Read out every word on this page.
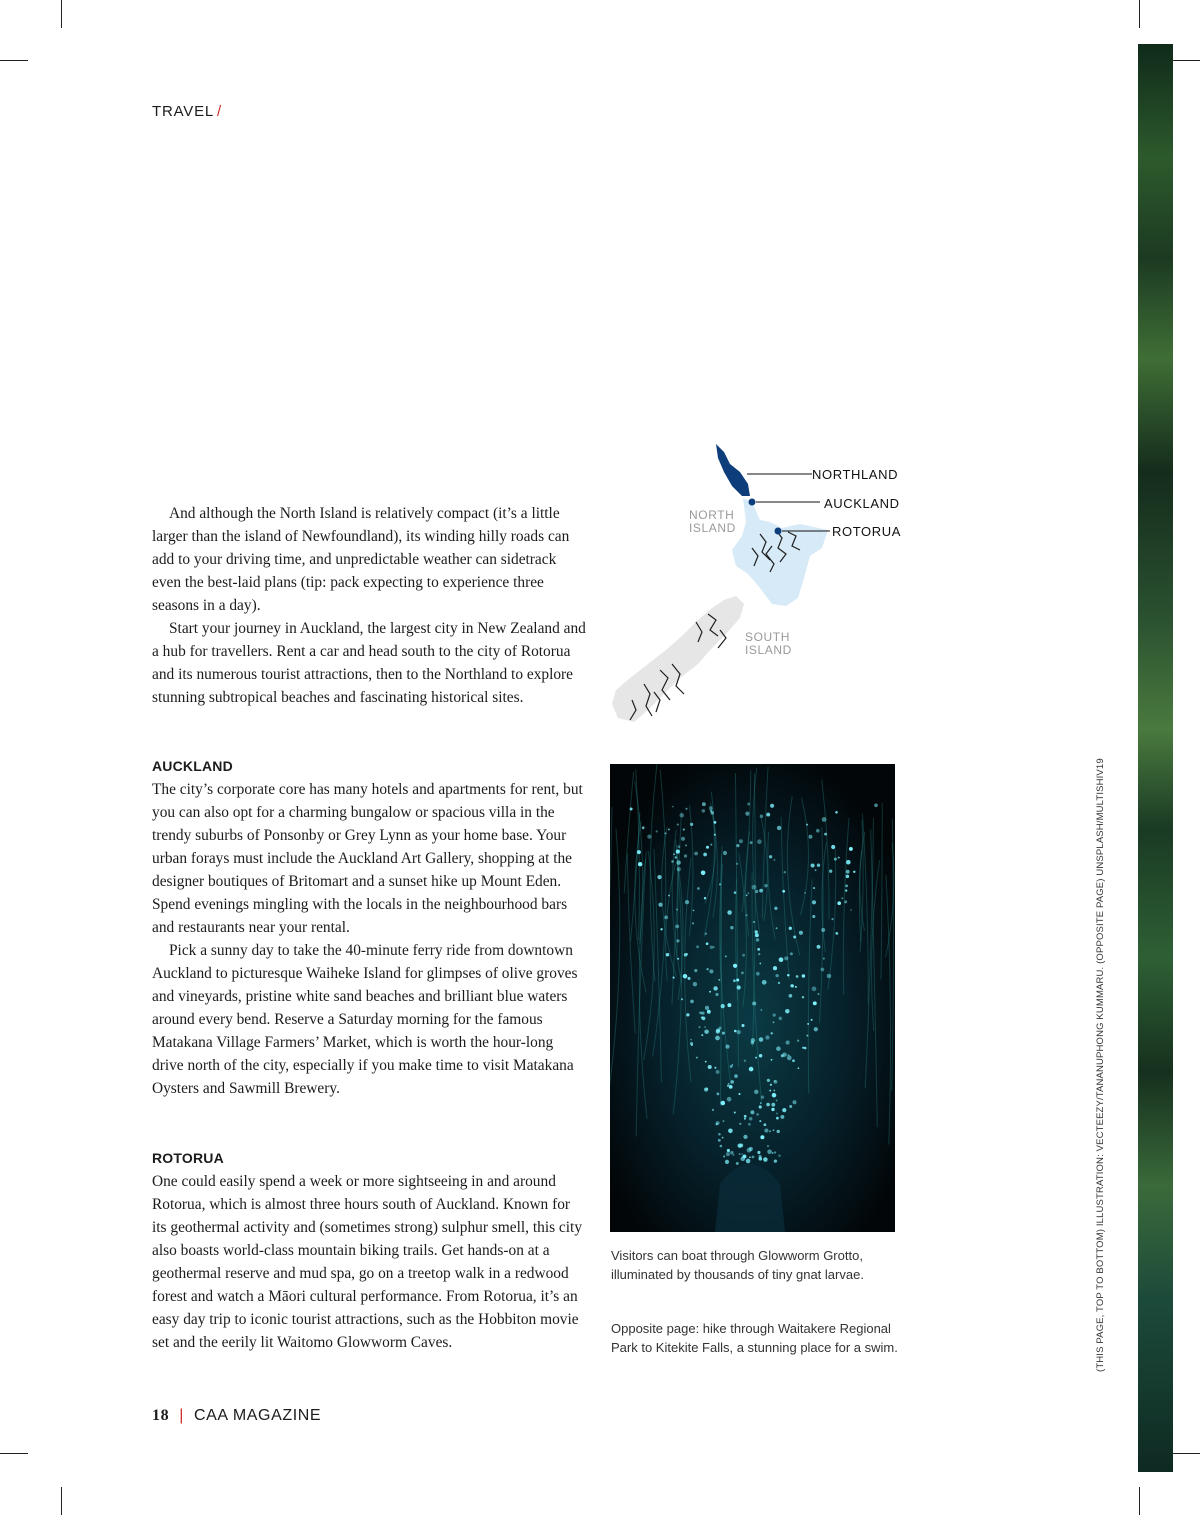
TRAVEL /

And although the North Island is relatively compact (it’s a little larger than the island of Newfoundland), its winding hilly roads can add to your driving time, and unpredictable weather can sidetrack even the best-laid plans (tip: pack expecting to experience three seasons in a day).

Start your journey in Auckland, the largest city in New Zealand and a hub for travellers. Rent a car and head south to the city of Rotorua and its numerous tourist attractions, then to the Northland to explore stunning subtropical beaches and fascinating historical sites.

AUCKLAND

The city’s corporate core has many hotels and apartments for rent, but you can also opt for a charming bungalow or spacious villa in the trendy suburbs of Ponsonby or Grey Lynn as your home base. Your urban forays must include the Auckland Art Gallery, shopping at the designer boutiques of Britomart and a sunset hike up Mount Eden. Spend evenings mingling with the locals in the neighbourhood bars and restaurants near your rental.

Pick a sunny day to take the 40-minute ferry ride from downtown Auckland to picturesque Waiheke Island for glimpses of olive groves and vineyards, pristine white sand beaches and brilliant blue waters around every bend. Reserve a Saturday morning for the famous Matakana Village Farmers’ Market, which is worth the hour-long drive north of the city, especially if you make time to visit Matakana Oysters and Sawmill Brewery.

ROTORUA

One could easily spend a week or more sightseeing in and around Rotorua, which is almost three hours south of Auckland. Known for its geothermal activity and (sometimes strong) sulphur smell, this city also boasts world-class mountain biking trails. Get hands-on at a geothermal reserve and mud spa, go on a treetop walk in a redwood forest and watch a Māori cultural performance. From Rotorua, it’s an easy day trip to iconic tourist attractions, such as the Hobbiton movie set and the eerily lit Waitomo Glowworm Caves.

NORTHLAND
AUCKLAND
ROTORUA
NORTH
ISLAND
SOUTH
ISLAND
Visitors can boat through Glowworm Grotto, illuminated by thousands of tiny gnat larvae.
Opposite page: hike through Waitakere Regional Park to Kitekite Falls, a stunning place for a swim.	(THIS PAGE, TOP TO BOTTOM) ILLUSTRATION: VECTEEZY/TANANUPHONG KUMMARU. (OPPOSITE PAGE) UNSPLASH/MULTISHIV19
18 | CAA MAGAZINE
